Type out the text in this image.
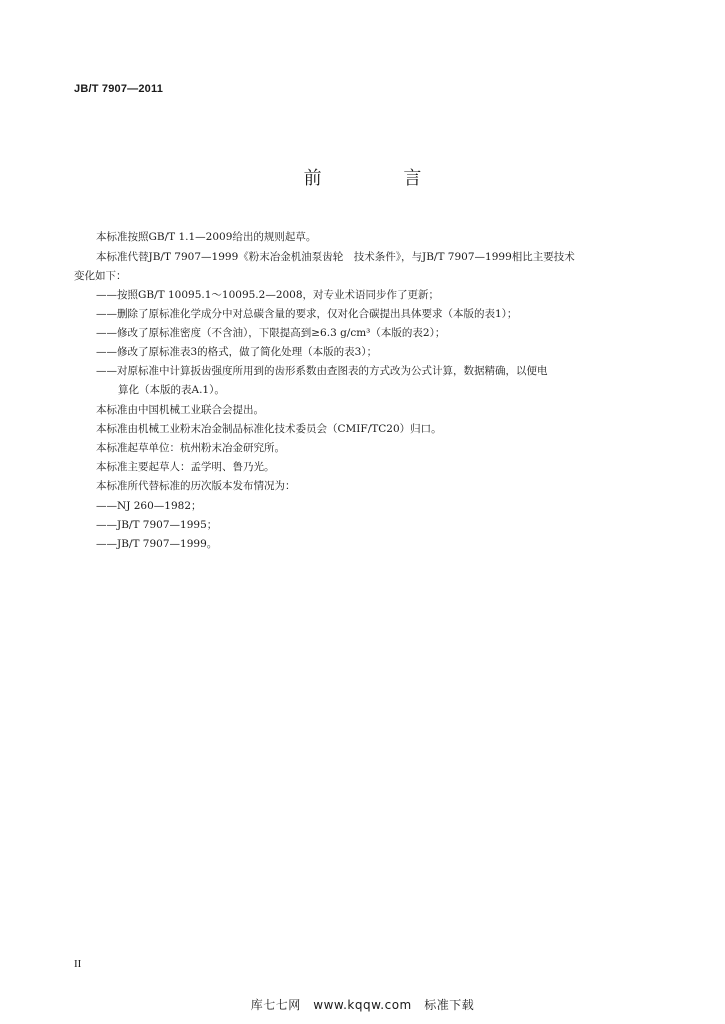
JB/T 7907—2011
前 言
本标准按照GB/T 1.1—2009给出的规则起草。
本标准代替JB/T 7907—1999《粉末冶金机油泵齿轮　技术条件》，与JB/T 7907—1999相比主要技术
变化如下：
——按照GB/T 10095.1～10095.2—2008，对专业术语同步作了更新；
——删除了原标准化学成分中对总碳含量的要求，仅对化合碳提出具体要求（本版的表1）；
——修改了原标准密度（不含油），下限提高到≥6.3 g/cm³（本版的表2）；
——修改了原标准表3的格式，做了简化处理（本版的表3）；
——对原标准中计算扳齿强度所用到的齿形系数由查图表的方式改为公式计算，数据精确，以便电
算化（本版的表A.1）。
本标准由中国机械工业联合会提出。
本标准由机械工业粉末冶金制品标准化技术委员会（CMIF/TC20）归口。
本标准起草单位：杭州粉末冶金研究所。
本标准主要起草人：孟学明、鲁乃光。
本标准所代替标准的历次版本发布情况为：
——NJ 260—1982；
——JB/T 7907—1995；
——JB/T 7907—1999。
II
库七七网　www.kqqw.com　标准下载
